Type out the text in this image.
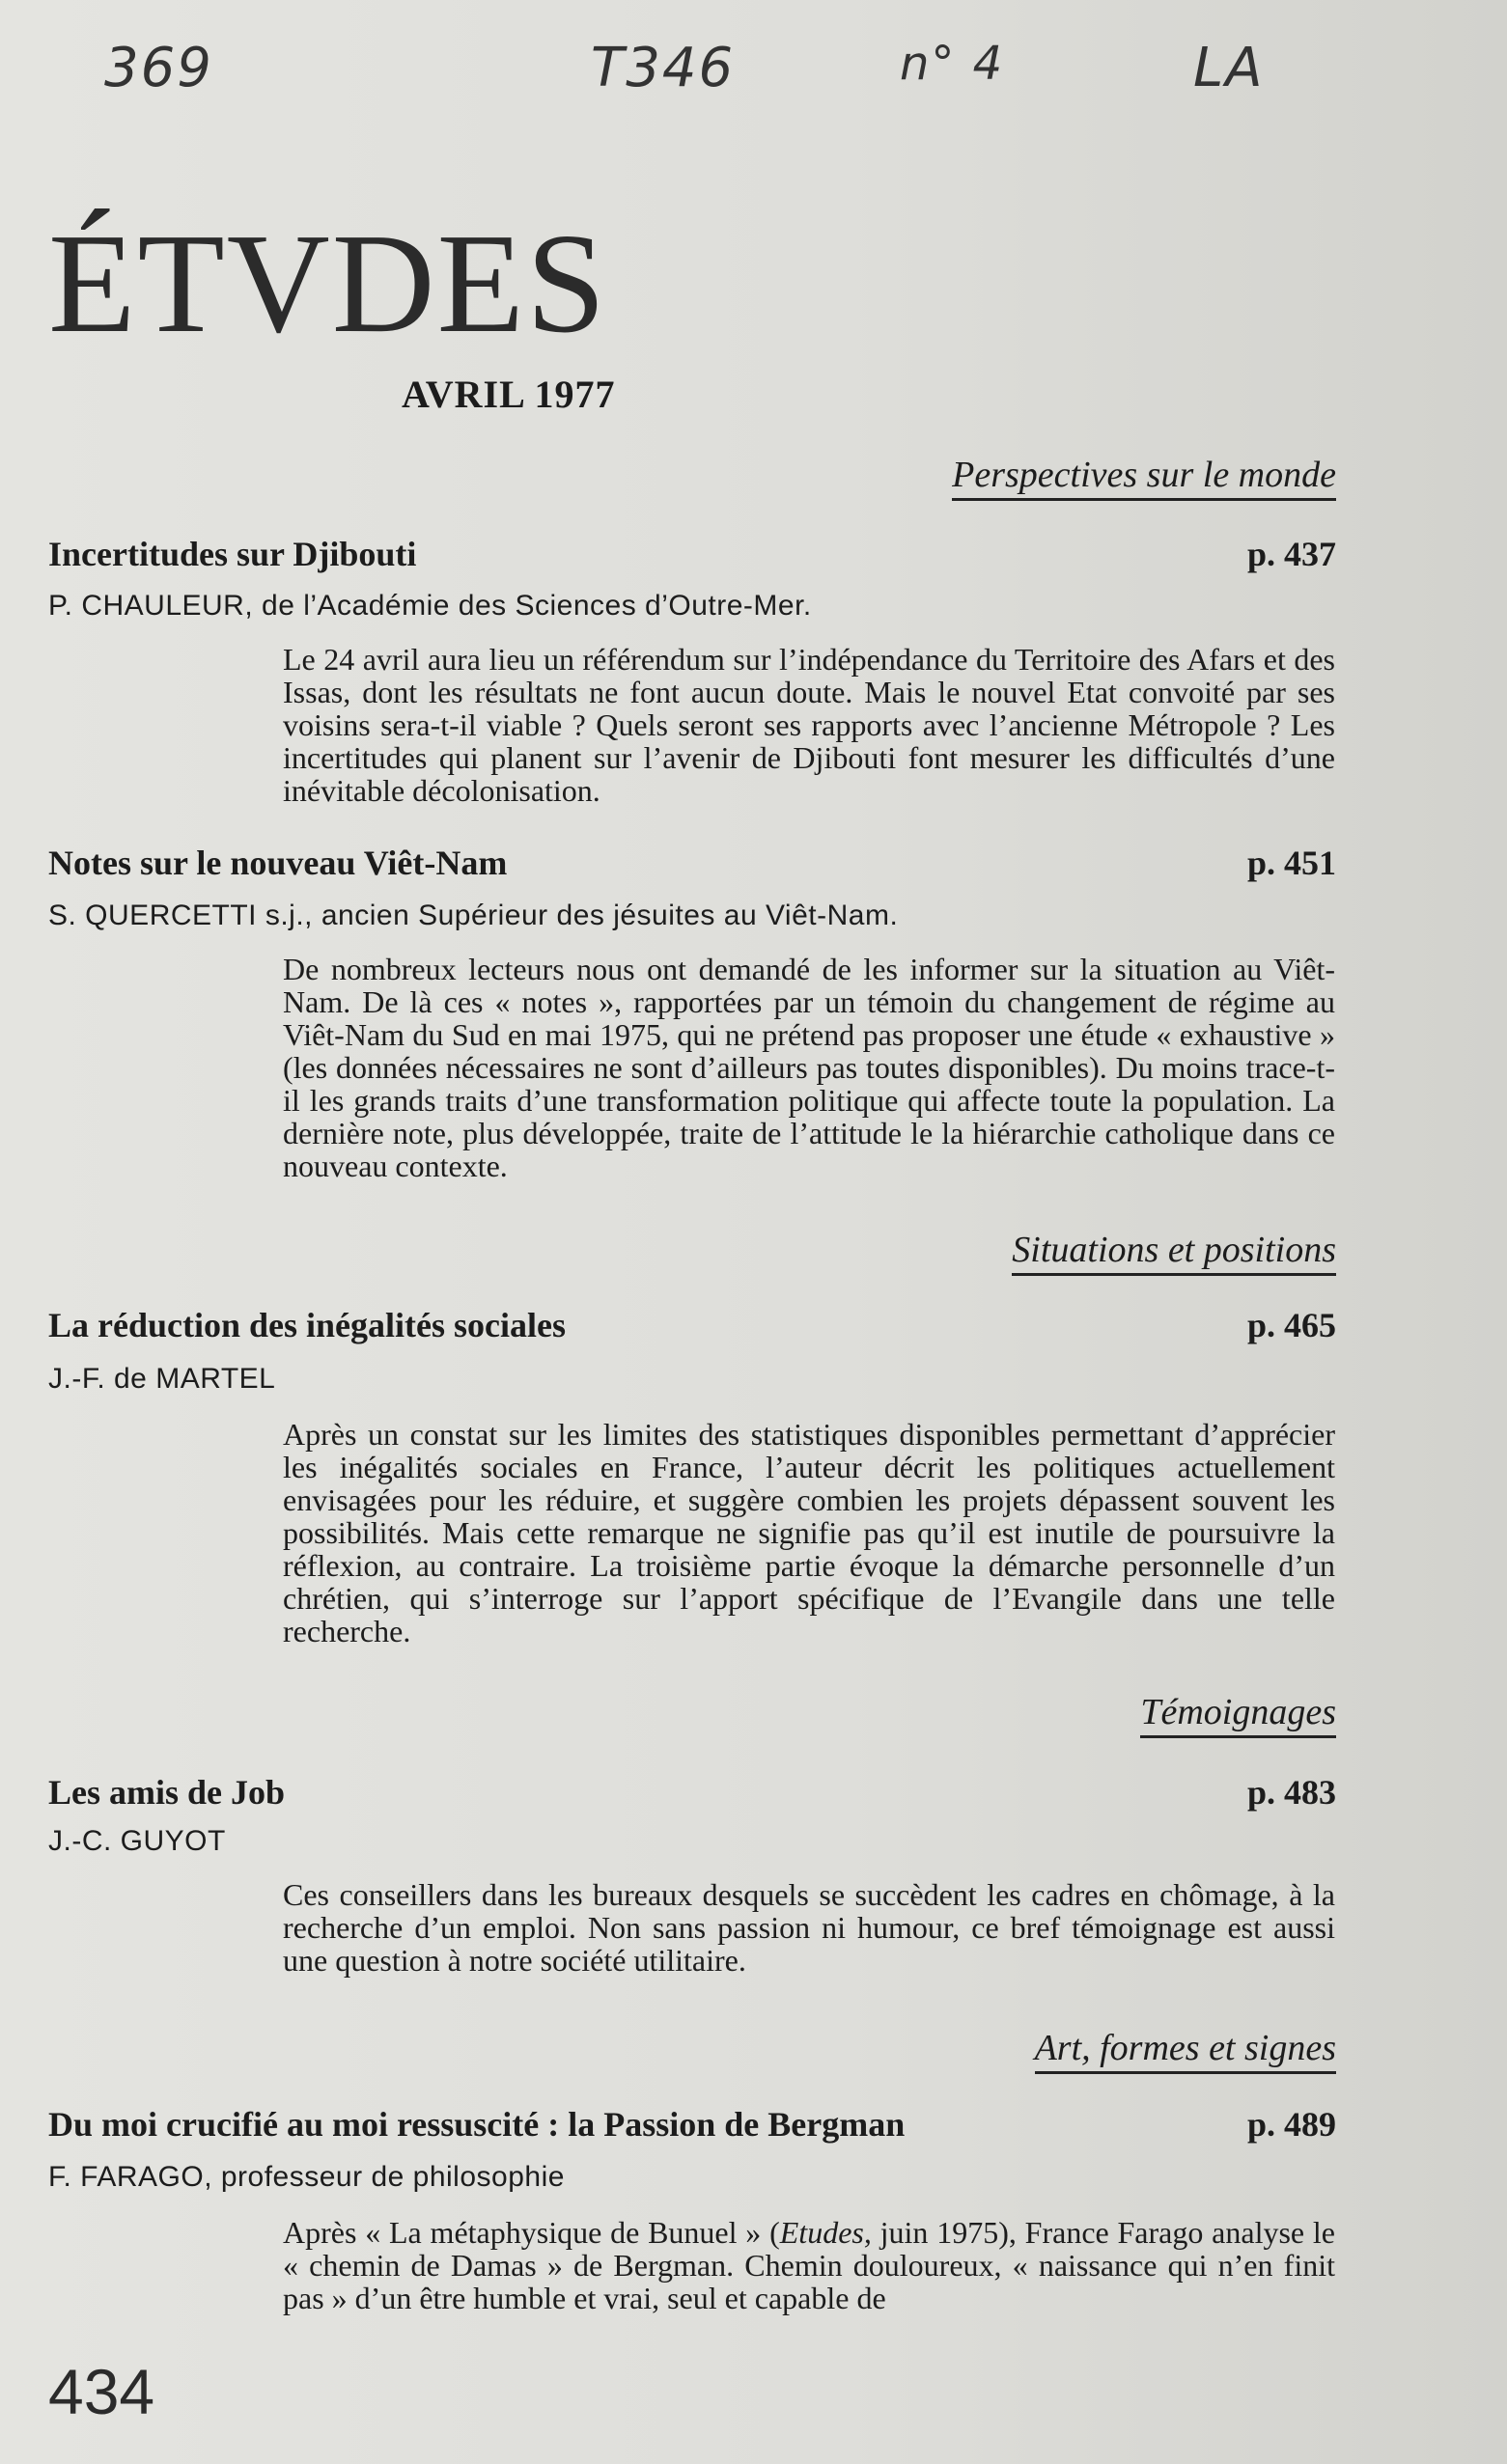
369	T346	n° 4	LA
ÉTVDES
AVRIL 1977
Perspectives sur le monde
Incertitudes sur Djibouti	p. 437
P. CHAULEUR, de l’Académie des Sciences d’Outre-Mer.

Le 24 avril aura lieu un référendum sur l’indépendance du Territoire des Afars et des Issas, dont les résultats ne font aucun doute. Mais le nouvel Etat convoité par ses voisins sera-t-il viable ? Quels seront ses rapports avec l’ancienne Métropole ? Les incertitudes qui planent sur l’avenir de Djibouti font mesurer les difficultés d’une inévitable décolonisation.

Notes sur le nouveau Viêt-Nam	p. 451
S. QUERCETTI s.j., ancien Supérieur des jésuites au Viêt-Nam.

De nombreux lecteurs nous ont demandé de les informer sur la situation au Viêt-Nam. De là ces « notes », rapportées par un témoin du changement de régime au Viêt-Nam du Sud en mai 1975, qui ne prétend pas proposer une étude « exhaustive » (les données nécessaires ne sont d’ailleurs pas toutes disponibles). Du moins trace-t-il les grands traits d’une transformation politique qui affecte toute la population. La dernière note, plus développée, traite de l’attitude le la hiérarchie catholique dans ce nouveau contexte.

Situations et positions
La réduction des inégalités sociales	p. 465
J.-F. de MARTEL

Après un constat sur les limites des statistiques disponibles permettant d’apprécier les inégalités sociales en France, l’auteur décrit les politiques actuellement envisagées pour les réduire, et suggère combien les projets dépassent souvent les possibilités. Mais cette remarque ne signifie pas qu’il est inutile de poursuivre la réflexion, au contraire. La troisième partie évoque la démarche personnelle d’un chrétien, qui s’interroge sur l’apport spécifique de l’Evangile dans une telle recherche.

Témoignages
Les amis de Job	p. 483
J.-C. GUYOT

Ces conseillers dans les bureaux desquels se succèdent les cadres en chômage, à la recherche d’un emploi. Non sans passion ni humour, ce bref témoignage est aussi une question à notre société utilitaire.

Art, formes et signes
Du moi crucifié au moi ressuscité : la Passion de Bergman	p. 489
F. FARAGO, professeur de philosophie

Après « La métaphysique de Bunuel » (Etudes, juin 1975), France Farago analyse le « chemin de Damas » de Bergman. Chemin douloureux, « naissance qui n’en finit pas » d’un être humble et vrai, seul et capable de

434
